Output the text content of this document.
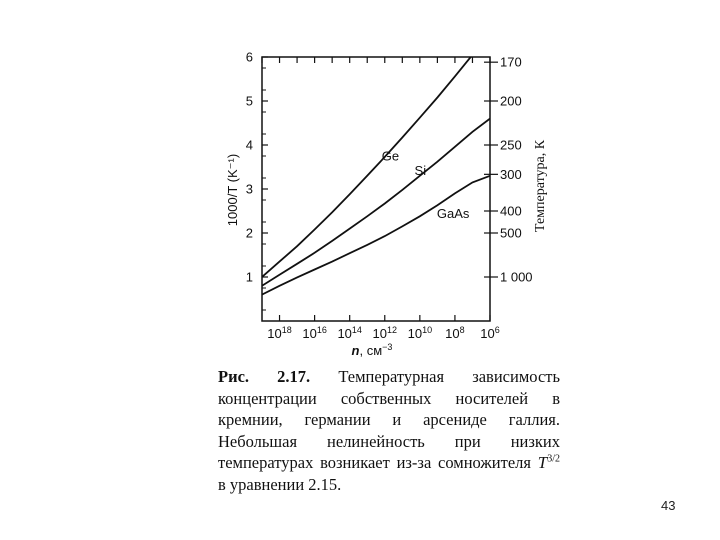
1
2
3
4
5
6	170
200
250
300
400
500
1 000
$10^{18}$ $10^{16}$ $10^{14}$ $10^{12}$ $10^{10}$ $10^8$ $10^6$
Ge
Si
GaAs
1000/T (K⁻¹)	Температура, К
n, $см^{-3}$
Рис. 2.17. Температурная зависимость концентрации собственных носителей в кремнии, германии и арсениде галлия. Небольшая нелинейность при низких температурах возникает из-за сомножителя $T^{3/2}$ в уравнении 2.15.
43
